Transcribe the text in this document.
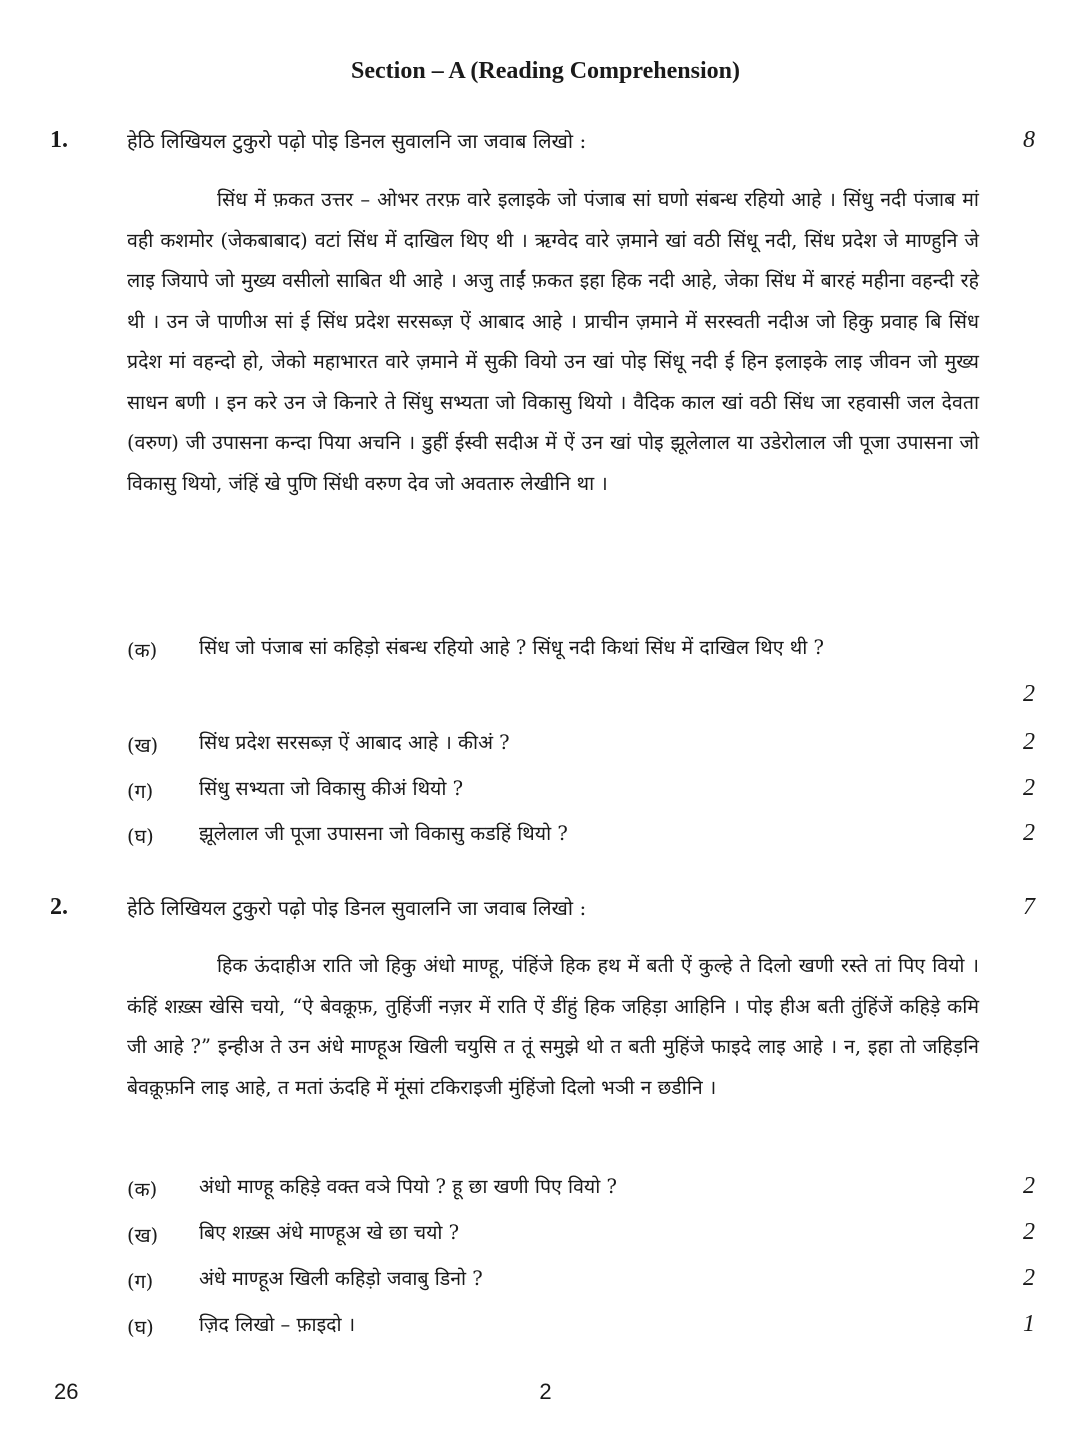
Section – A (Reading Comprehension)
1.	हेठि लिखियल टुकुरो पढ़ो पोइ डिनल सुवालनि जा जवाब लिखो :	8

सिंध में फ़कत उत्तर – ओभर तरफ़ वारे इलाइके जो पंजाब सां घणो संबन्ध रहियो आहे । सिंधु नदी पंजाब मां वही कशमोर (जेकबाबाद) वटां सिंध में दाखिल थिए थी । ऋग्वेद वारे ज़माने खां वठी सिंधू नदी, सिंध प्रदेश जे माण्हुनि जे लाइ जियापे जो मुख्य वसीलो साबित थी आहे । अजु ताईं फ़कत इहा हिक नदी आहे, जेका सिंध में बारहं महीना वहन्दी रहे थी । उन जे पाणीअ सां ई सिंध प्रदेश सरसब्ज़ ऐं आबाद आहे । प्राचीन ज़माने में सरस्वती नदीअ जो हिकु प्रवाह बि सिंध प्रदेश मां वहन्दो हो, जेको महाभारत वारे ज़माने में सुकी वियो उन खां पोइ सिंधू नदी ई हिन इलाइके लाइ जीवन जो मुख्य साधन बणी । इन करे उन जे किनारे ते सिंधु सभ्यता जो विकासु थियो । वैदिक काल खां वठी सिंध जा रहवासी जल देवता (वरुण) जी उपासना कन्दा पिया अचनि । डुहीं ईस्वी सदीअ में ऐं उन खां पोइ झूलेलाल या उडेरोलाल जी पूजा उपासना जो विकासु थियो, जंहिं खे पुणि सिंधी वरुण देव जो अवतारु लेखीनि था ।

(क) सिंध जो पंजाब सां कहिड़ो संबन्ध रहियो आहे ? सिंधू नदी किथां सिंध में दाखिल थिए थी ?
2
(ख) सिंध प्रदेश सरसब्ज़ ऐं आबाद आहे । कीअं ?	2
(ग) सिंधु सभ्यता जो विकासु कीअं थियो ?	2
(घ) झूलेलाल जी पूजा उपासना जो विकासु कडहिं थियो ?	2
2.	हेठि लिखियल टुकुरो पढ़ो पोइ डिनल सुवालनि जा जवाब लिखो :	7

हिक ऊंदाहीअ राति जो हिकु अंधो माण्हू, पंहिंजे हिक हथ में बती ऐं कुल्हे ते दिलो खणी रस्ते तां पिए वियो । कंहिं शख़्स खेसि चयो, “ऐ बेवक़ूफ़, तुहिंजीं नज़र में राति ऐं डींहुं हिक जहिड़ा आहिनि । पोइ हीअ बती तुंहिंजें कहिड़े कमि जी आहे ?” इन्हीअ ते उन अंधे माण्हूअ खिली चयुसि त तूं समुझे थो त बती मुहिंजे फाइदे लाइ आहे । न, इहा तो जहिड़नि बेवक़ूफ़नि लाइ आहे, त मतां ऊंदहि में मूंसां टकिराइजी मुंहिंजो दिलो भञी न छडीनि ।

(क) अंधो माण्हू कहिड़े वक्त वञे पियो ? हू छा खणी पिए वियो ?	2
(ख) बिए शख़्स अंधे माण्हूअ खे छा चयो ?	2
(ग) अंधे माण्हूअ खिली कहिड़ो जवाबु डिनो ?	2
(घ) ज़िद लिखो – फ़ाइदो ।	1
26	2
